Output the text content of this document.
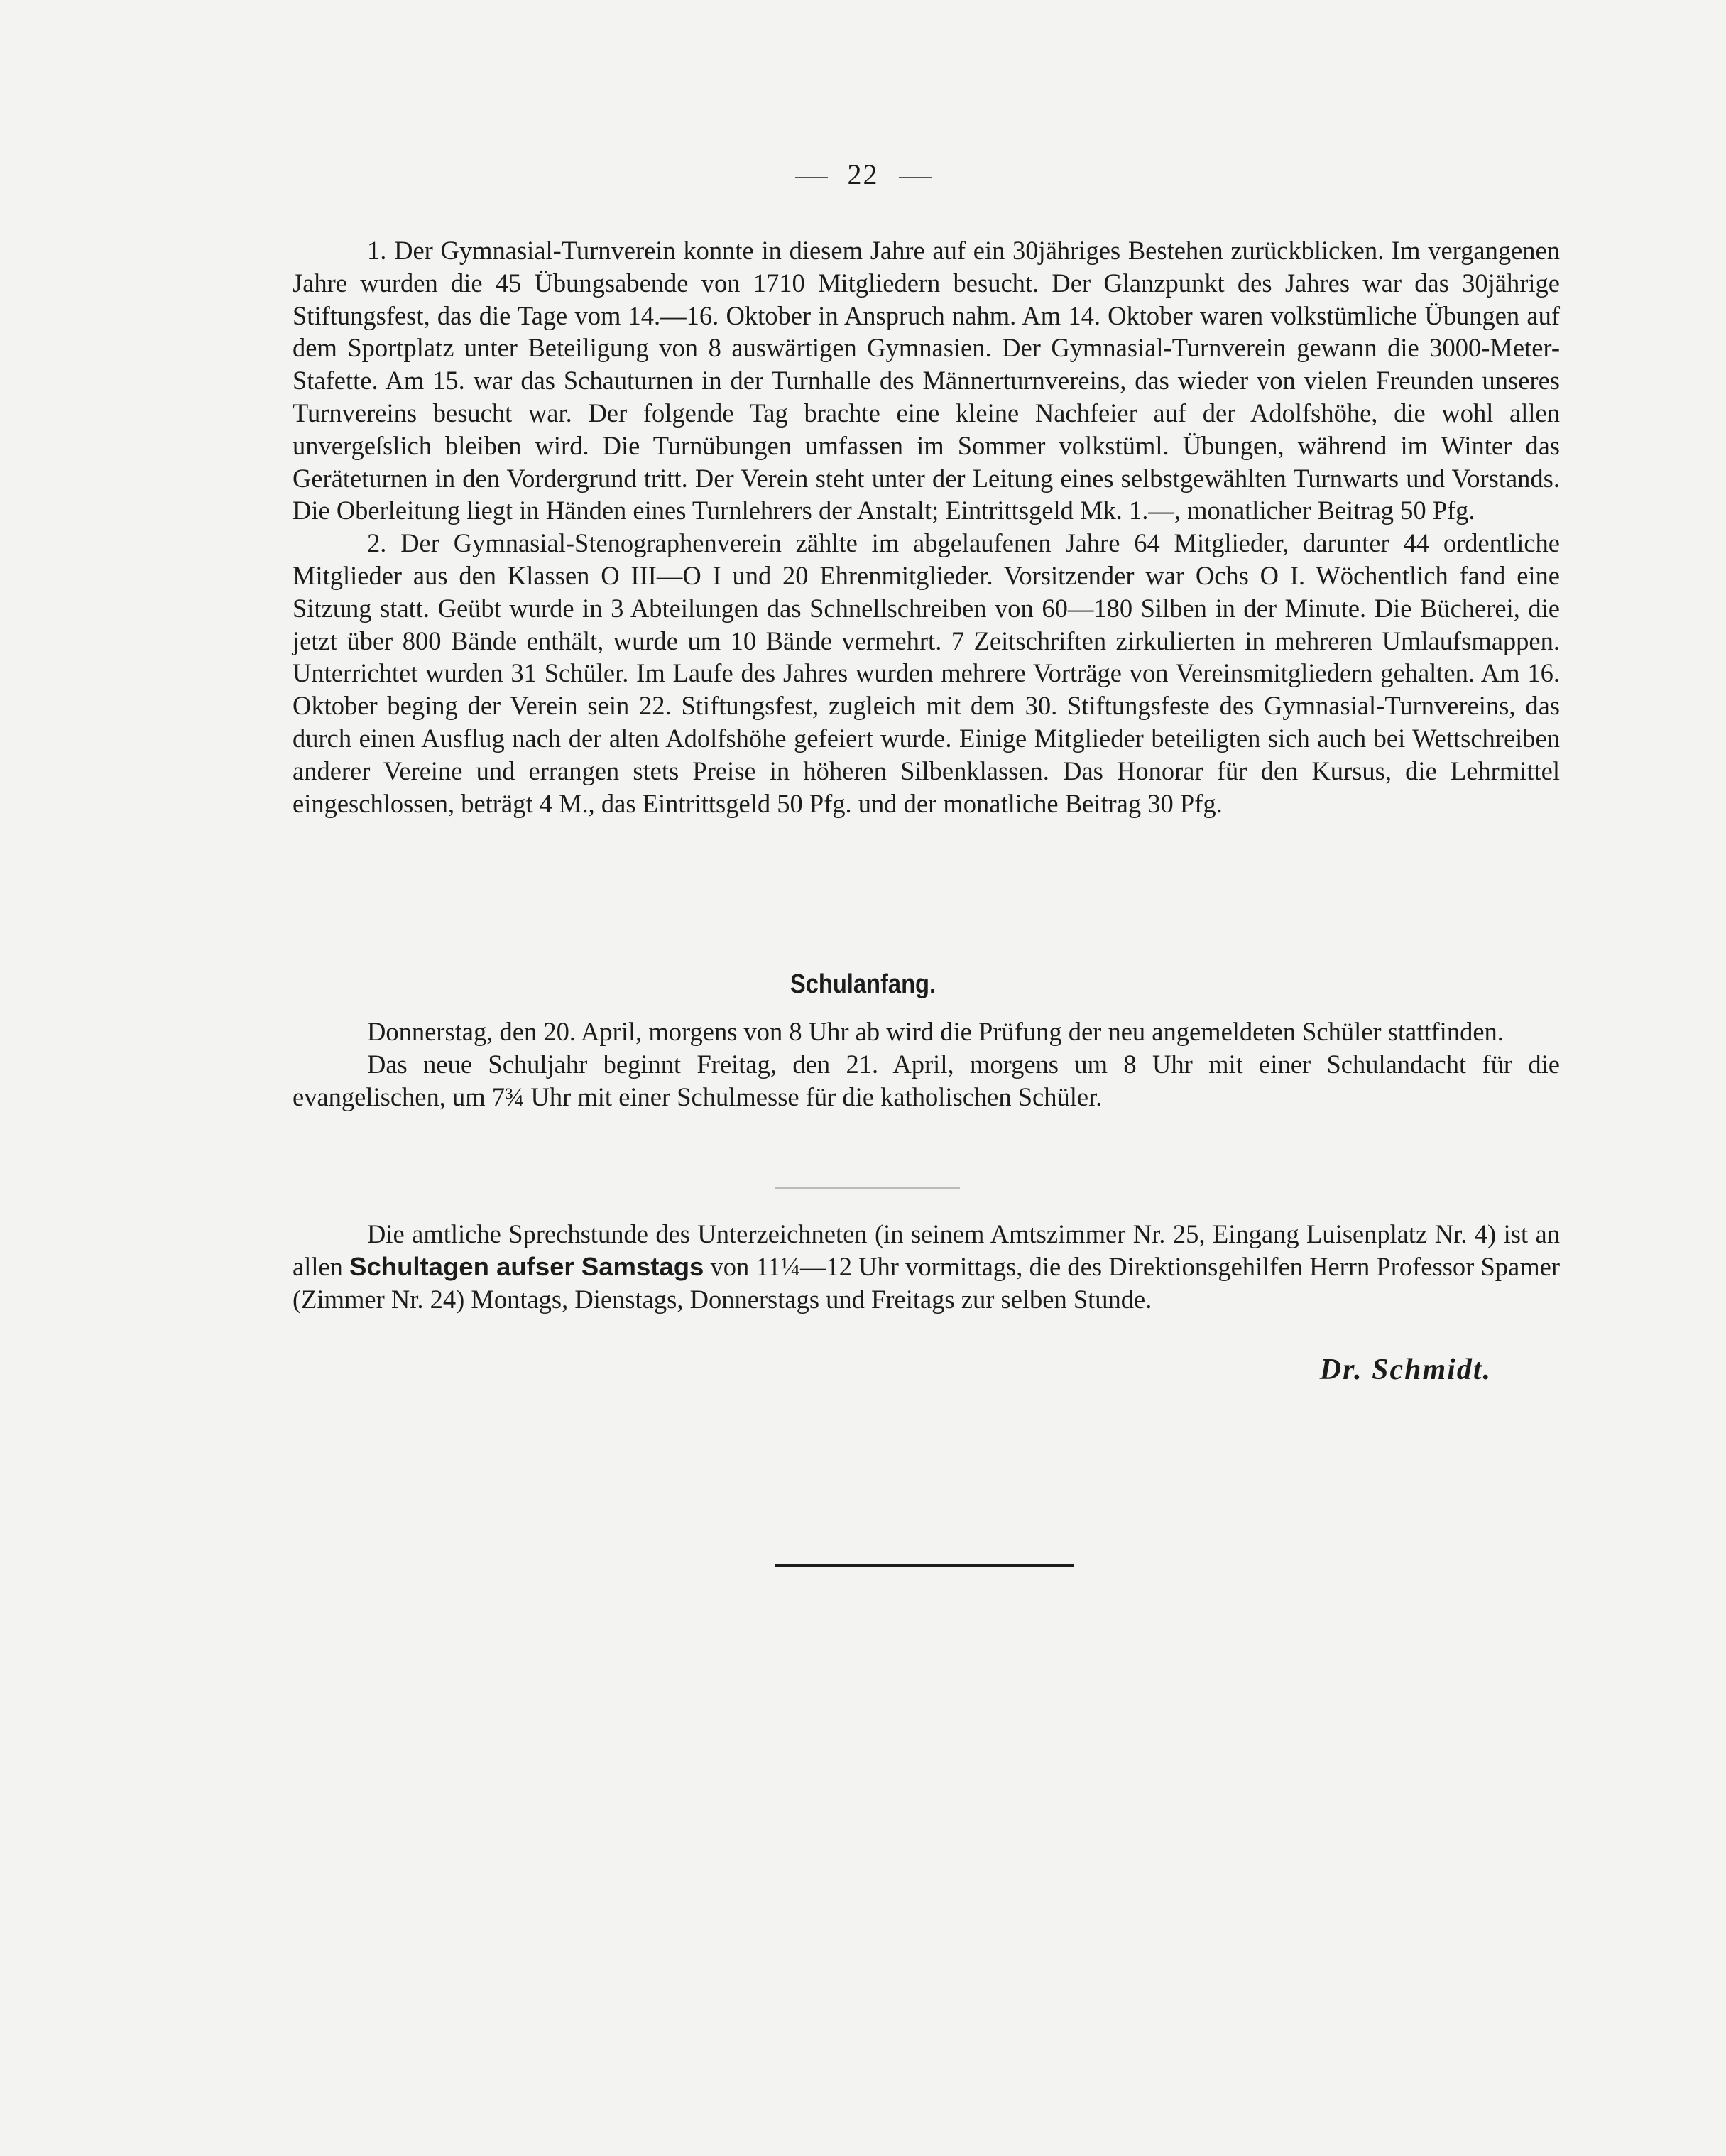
22

1. Der Gymnasial-Turnverein konnte in diesem Jahre auf ein 30jähriges Bestehen zurückblicken. Im vergangenen Jahre wurden die 45 Übungsabende von 1710 Mitgliedern besucht. Der Glanzpunkt des Jahres war das 30jährige Stiftungsfest, das die Tage vom 14.—16. Oktober in Anspruch nahm. Am 14. Oktober waren volkstümliche Übungen auf dem Sportplatz unter Beteiligung von 8 auswärtigen Gymnasien. Der Gymnasial-Turnverein gewann die 3000-Meter-Stafette. Am 15. war das Schauturnen in der Turnhalle des Männerturnvereins, das wieder von vielen Freunden unseres Turnvereins besucht war. Der folgende Tag brachte eine kleine Nachfeier auf der Adolfshöhe, die wohl allen unvergeſslich bleiben wird. Die Turnübungen umfassen im Sommer volkstüml. Übungen, während im Winter das Geräteturnen in den Vordergrund tritt. Der Verein steht unter der Leitung eines selbstgewählten Turnwarts und Vorstands. Die Oberleitung liegt in Händen eines Turnlehrers der Anstalt; Eintrittsgeld Mk. 1.—, monatlicher Beitrag 50 Pfg.

2. Der Gymnasial-Stenographenverein zählte im abgelaufenen Jahre 64 Mitglieder, darunter 44 ordentliche Mitglieder aus den Klassen O III—O I und 20 Ehrenmitglieder. Vorsitzender war Ochs O I. Wöchentlich fand eine Sitzung statt. Geübt wurde in 3 Abteilungen das Schnellschreiben von 60—180 Silben in der Minute. Die Bücherei, die jetzt über 800 Bände enthält, wurde um 10 Bände vermehrt. 7 Zeitschriften zirkulierten in mehreren Umlaufsmappen. Unterrichtet wurden 31 Schüler. Im Laufe des Jahres wurden mehrere Vorträge von Vereinsmitgliedern gehalten. Am 16. Oktober beging der Verein sein 22. Stiftungsfest, zugleich mit dem 30. Stiftungsfeste des Gymnasial-Turnvereins, das durch einen Ausflug nach der alten Adolfshöhe gefeiert wurde. Einige Mitglieder beteiligten sich auch bei Wettschreiben anderer Vereine und errangen stets Preise in höheren Silbenklassen. Das Honorar für den Kursus, die Lehrmittel eingeschlossen, beträgt 4 M., das Eintrittsgeld 50 Pfg. und der monatliche Beitrag 30 Pfg.

Schulanfang.

Donnerstag, den 20. April, morgens von 8 Uhr ab wird die Prüfung der neu angemeldeten Schüler stattfinden.

Das neue Schuljahr beginnt Freitag, den 21. April, morgens um 8 Uhr mit einer Schulandacht für die evangelischen, um 7¾ Uhr mit einer Schulmesse für die katholischen Schüler.

Die amtliche Sprechstunde des Unterzeichneten (in seinem Amtszimmer Nr. 25, Eingang Luisenplatz Nr. 4) ist an allen Schultagen aufser Samstags von 11¼—12 Uhr vormittags, die des Direktionsgehilfen Herrn Professor Spamer (Zimmer Nr. 24) Montags, Dienstags, Donnerstags und Freitags zur selben Stunde.

Dr. Schmidt.
